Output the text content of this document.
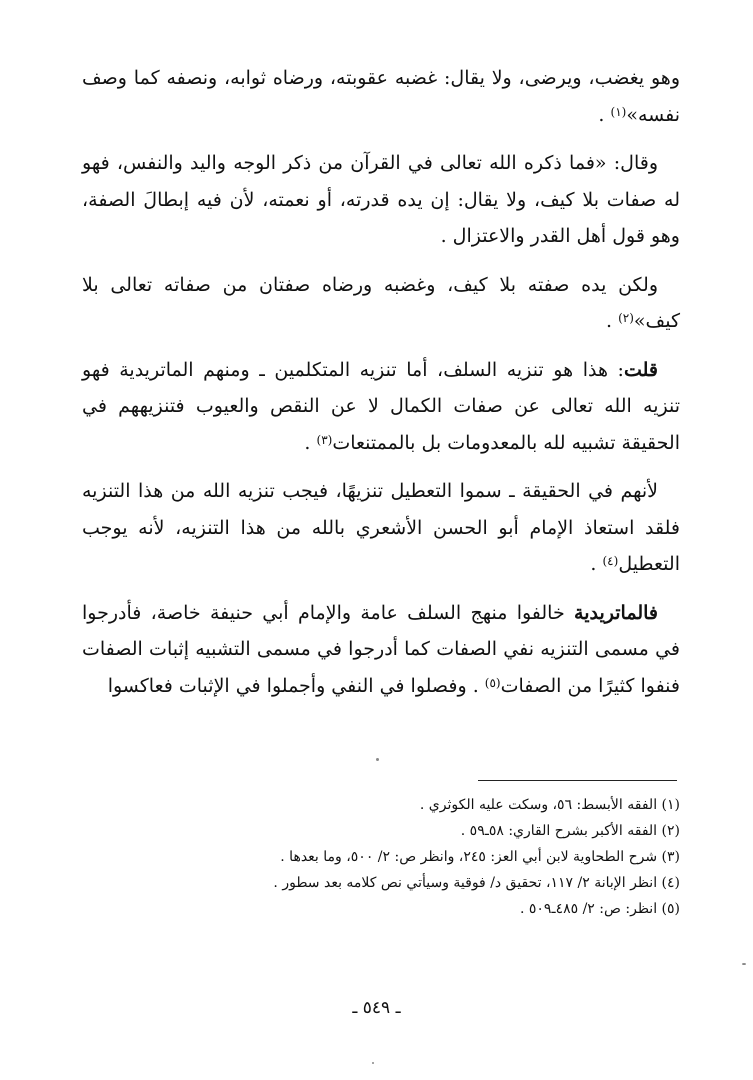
وهو يغضب، ويرضى، ولا يقال: غضبه عقوبته، ورضاه ثوابه، ونصفه كما وصف نفسه»$^{(١)}$ .

وقال: «فما ذكره الله تعالى في القرآن من ذكر الوجه واليد والنفس، فهو له صفات بلا كيف، ولا يقال: إن يده قدرته، أو نعمته، لأن فيه إبطالَ الصفة، وهو قول أهل القدر والاعتزال .

ولكن يده صفته بلا كيف، وغضبه ورضاه صفتان من صفاته تعالى بلا كيف»$^{(٢)}$ .

قلت: هذا هو تنزيه السلف، أما تنزيه المتكلمين ـ ومنهم الماتريدية فهو تنزيه الله تعالى عن صفات الكمال لا عن النقص والعيوب فتنزيههم في الحقيقة تشبيه لله بالمعدومات بل بالممتنعات$^{(٣)}$ .

لأنهم في الحقيقة ـ سموا التعطيل تنزيهًا، فيجب تنزيه الله من هذا التنزيه فلقد استعاذ الإمام أبو الحسن الأشعري بالله من هذا التنزيه، لأنه يوجب التعطيل$^{(٤)}$ .

فالماتريدية خالفوا منهج السلف عامة والإمام أبي حنيفة خاصة، فأدرجوا في مسمى التنزيه نفي الصفات كما أدرجوا في مسمى التشبيه إثبات الصفات فنفوا كثيرًا من الصفات$^{(٥)}$ . وفصلوا في النفي وأجملوا في الإثبات فعاكسوا

(١) الفقه الأبسط: ٥٦، وسكت عليه الكوثري .

(٢) الفقه الأكبر بشرح القاري: ٥٨ـ٥٩ .

(٣) شرح الطحاوية لابن أبي العز: ٢٤٥، وانظر ص: ٢/ ٥٠٠، وما بعدها .

(٤) انظر الإبانة ٢/ ١١٧، تحقيق د/ فوقية وسيأتي نص كلامه بعد سطور .

(٥) انظر: ص: ٢/ ٤٨٥ـ٥٠٩ .

ـ ٥٤٩ ـ
